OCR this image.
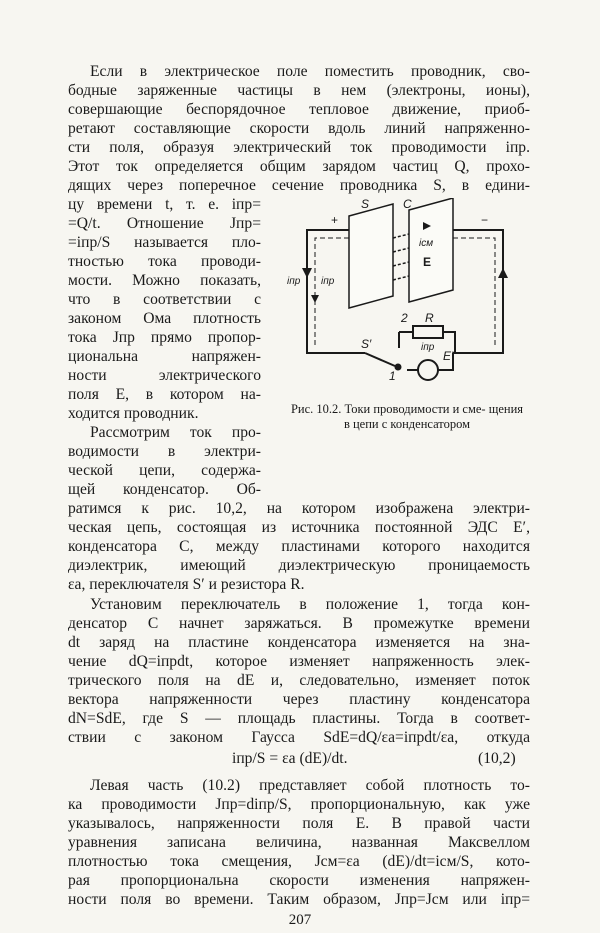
Если в электрическое поле поместить проводник, сво-
бодные заряженные частицы в нем (электроны, ионы),
совершающие беспорядочное тепловое движение, приоб-
ретают составляющие скорости вдоль линий напряженно-
сти поля, образуя электрический ток проводимости iпр.
Этот ток определяется общим зарядом частиц Q, прохо-
дящих через поперечное сечение проводника S, в едини-
цу времени t, т. е. iпр=
=Q/t. Отношение Jпр=
=iпр/S называется пло-
тностью тока проводи-
мости. Можно показать,
что в соответствии с
законом Ома плотность
тока Jпр прямо пропор-
циональна напряжен-
ности электрического
поля E, в котором на-
ходится проводник.
Рассмотрим ток про-
водимости в электри-
ческой цепи, содержа-
щей конденсатор. Об-
+	−
S	C
iсм
E
iпр iпр
2 R
iпр
E′
S′
1
Рис. 10.2. Токи проводимости и сме- щения в цепи с конденсатором
ратимся к рис. 10,2, на котором изображена электри-
ческая цепь, состоящая из источника постоянной ЭДС E′,
конденсатора C, между пластинами которого находится
диэлектрик, имеющий диэлектрическую проницаемость
εa, переключателя S′ и резистора R.
Установим переключатель в положение 1, тогда кон-
денсатор C начнет заряжаться. В промежутке времени
dt заряд на пластине конденсатора изменяется на зна-
чение dQ=iпрdt, которое изменяет напряженность элек-
трического поля на dE и, следовательно, изменяет поток
вектора напряженности через пластину конденсатора
dN=SdE, где S — площадь пластины. Тогда в соответ-
ствии с законом Гаусса SdE=dQ/εa=iпрdt/εa, откуда
iпр/S = εa (dE)/dt.	(10,2)
Левая часть (10.2) представляет собой плотность то-
ка проводимости Jпр=diпр/S, пропорциональную, как уже
указывалось, напряженности поля E. В правой части
уравнения записана величина, названная Максвеллом
плотностью тока смещения, Jсм=εa (dE)/dt=iсм/S, кото-
рая пропорциональна скорости изменения напряжен-
ности поля во времени. Таким образом, Jпр=Jсм или iпр=
207
